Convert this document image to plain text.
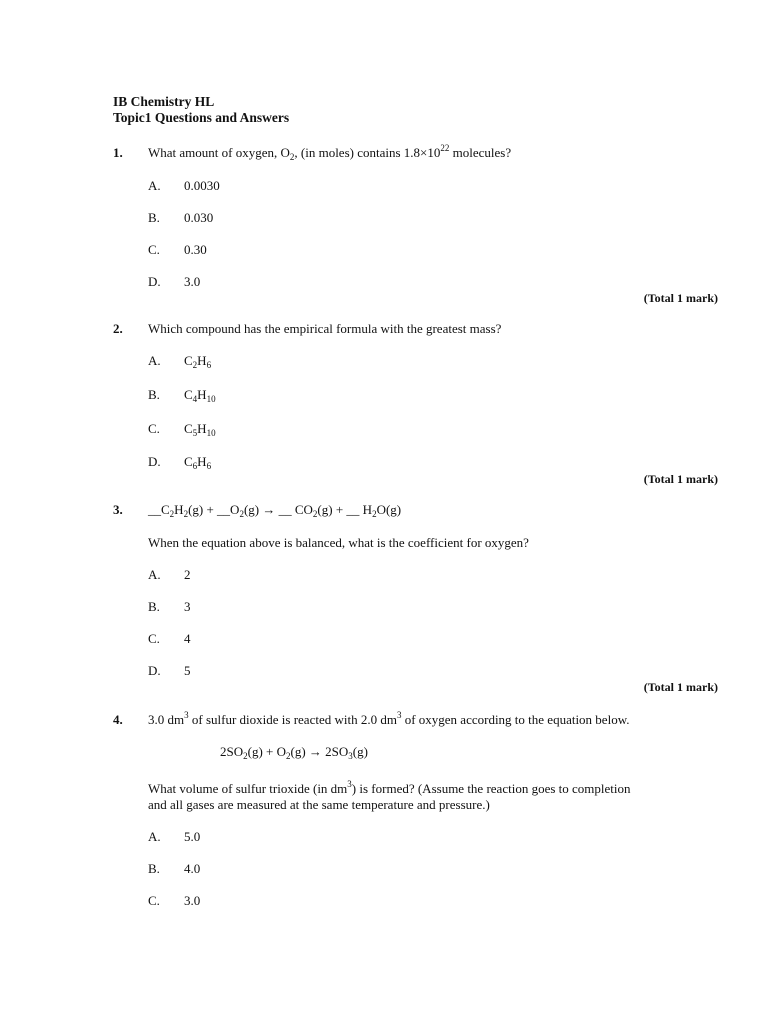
IB Chemistry HL
Topic1 Questions and Answers
1. What amount of oxygen, $O_2$, (in moles) contains $1.8\times 10^{22}$ molecules?
A. 0.0030
B. 0.030
C. 0.30
D. 3.0
(Total 1 mark)
2. Which compound has the empirical formula with the greatest mass?
A. $C_2H_6$
B. $C_4H_{10}$
C. $C_5H_{10}$
D. $C_6H_6$
(Total 1 mark)
3. $\_\_C_2H_2(g)$ + $\_\_O_2(g)$ → __ $CO_2(g)$ + __ $H_2O(g)$
When the equation above is balanced, what is the coefficient for oxygen?
A. 2
B. 3
C. 4
D. 5
(Total 1 mark)
4. 3.0 $dm^3$ of sulfur dioxide is reacted with 2.0 $dm^3$ of oxygen according to the equation below.
$2SO_2(g) + O_2(g) \to 2SO_3(g)$
What volume of sulfur trioxide (in $dm^3$) is formed? (Assume the reaction goes to completion
and all gases are measured at the same temperature and pressure.)
A. 5.0
B. 4.0
C. 3.0
